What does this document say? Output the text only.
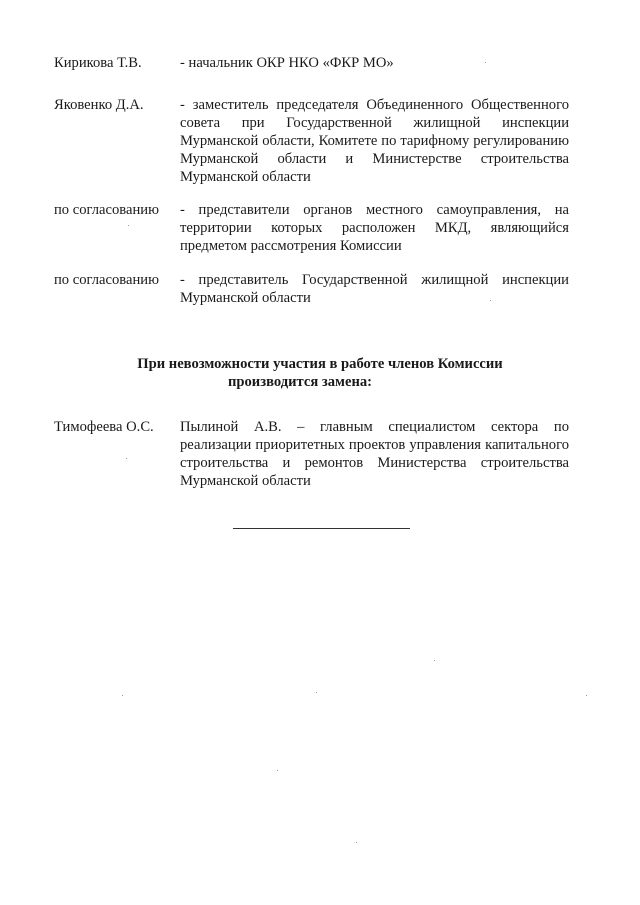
Кирикова Т.В.	- начальник ОКР НКО «ФКР МО»
Яковенко Д.А. - заместитель председателя Объединенного Общественного совета при Государственной жилищной инспекции Мурманской области, Комитете по тарифному регулированию Мурманской области и Министерстве строительства Мурманской области
по согласованию - представители органов местного самоуправления, на территории которых расположен МКД, являющийся предметом рассмотрения Комиссии
по согласованию - представитель Государственной жилищной инспекции Мурманской области
При невозможности участия в работе членов Комиссии
производится замена:
Тимофеева О.С. Пылиной А.В. – главным специалистом сектора по реализации приоритетных проектов управления капитального строительства и ремонтов Министерства строительства Мурманской области
